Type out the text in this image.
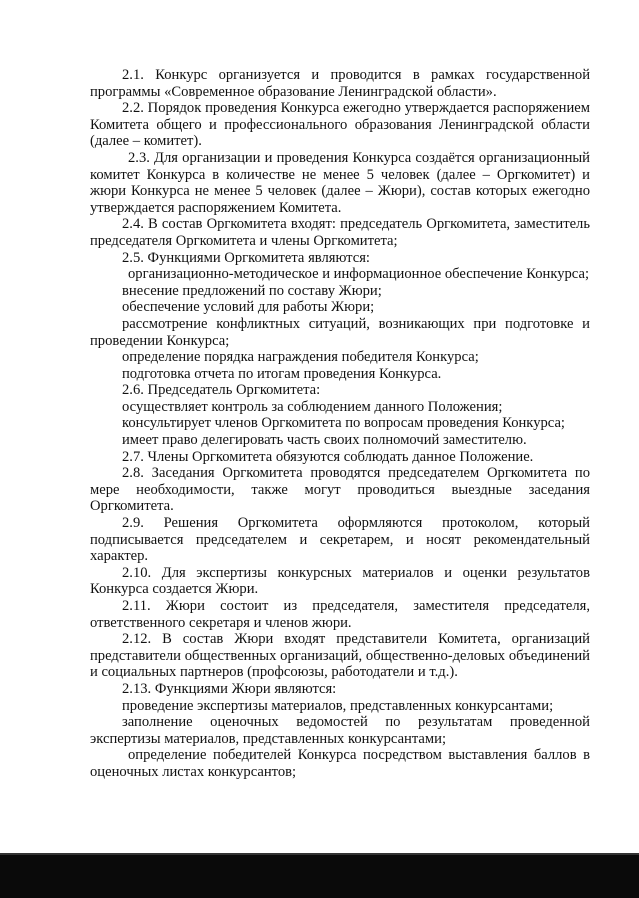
2.1. Конкурс организуется и проводится в рамках государственной программы «Современное образование Ленинградской области».

2.2. Порядок проведения Конкурса ежегодно утверждается распоряжением Комитета общего и профессионального образования Ленинградской области (далее – комитет).

2.3. Для организации и проведения Конкурса создаётся организационный комитет Конкурса в количестве не менее 5 человек (далее – Оргкомитет) и жюри Конкурса не менее 5 человек (далее – Жюри), состав которых ежегодно утверждается распоряжением Комитета.

2.4. В состав Оргкомитета входят: председатель Оргкомитета, заместитель председателя Оргкомитета и члены Оргкомитета;

2.5. Функциями Оргкомитета являются:

организационно-методическое и информационное обеспечение Конкурса;

внесение предложений по составу Жюри;

обеспечение условий для работы Жюри;

рассмотрение конфликтных ситуаций, возникающих при подготовке и проведении Конкурса;

определение порядка награждения победителя Конкурса;

подготовка отчета по итогам проведения Конкурса.

2.6. Председатель Оргкомитета:

осуществляет контроль за соблюдением данного Положения;

консультирует членов Оргкомитета по вопросам проведения Конкурса;

имеет право делегировать часть своих полномочий заместителю.

2.7. Члены Оргкомитета обязуются соблюдать данное Положение.

2.8. Заседания Оргкомитета проводятся председателем Оргкомитета по мере необходимости, также могут проводиться выездные заседания Оргкомитета.

2.9. Решения Оргкомитета оформляются протоколом, который подписывается председателем и секретарем, и носят рекомендательный характер.

2.10. Для экспертизы конкурсных материалов и оценки результатов Конкурса создается Жюри.

2.11. Жюри состоит из председателя, заместителя председателя, ответственного секретаря и членов жюри.

2.12. В состав Жюри входят представители Комитета, организаций представители общественных организаций, общественно-деловых объединений и социальных партнеров (профсоюзы, работодатели и т.д.).

2.13. Функциями Жюри являются:

проведение экспертизы материалов, представленных конкурсантами;

заполнение оценочных ведомостей по результатам проведенной экспертизы материалов, представленных конкурсантами;

определение победителей Конкурса посредством выставления баллов в оценочных листах конкурсантов;
